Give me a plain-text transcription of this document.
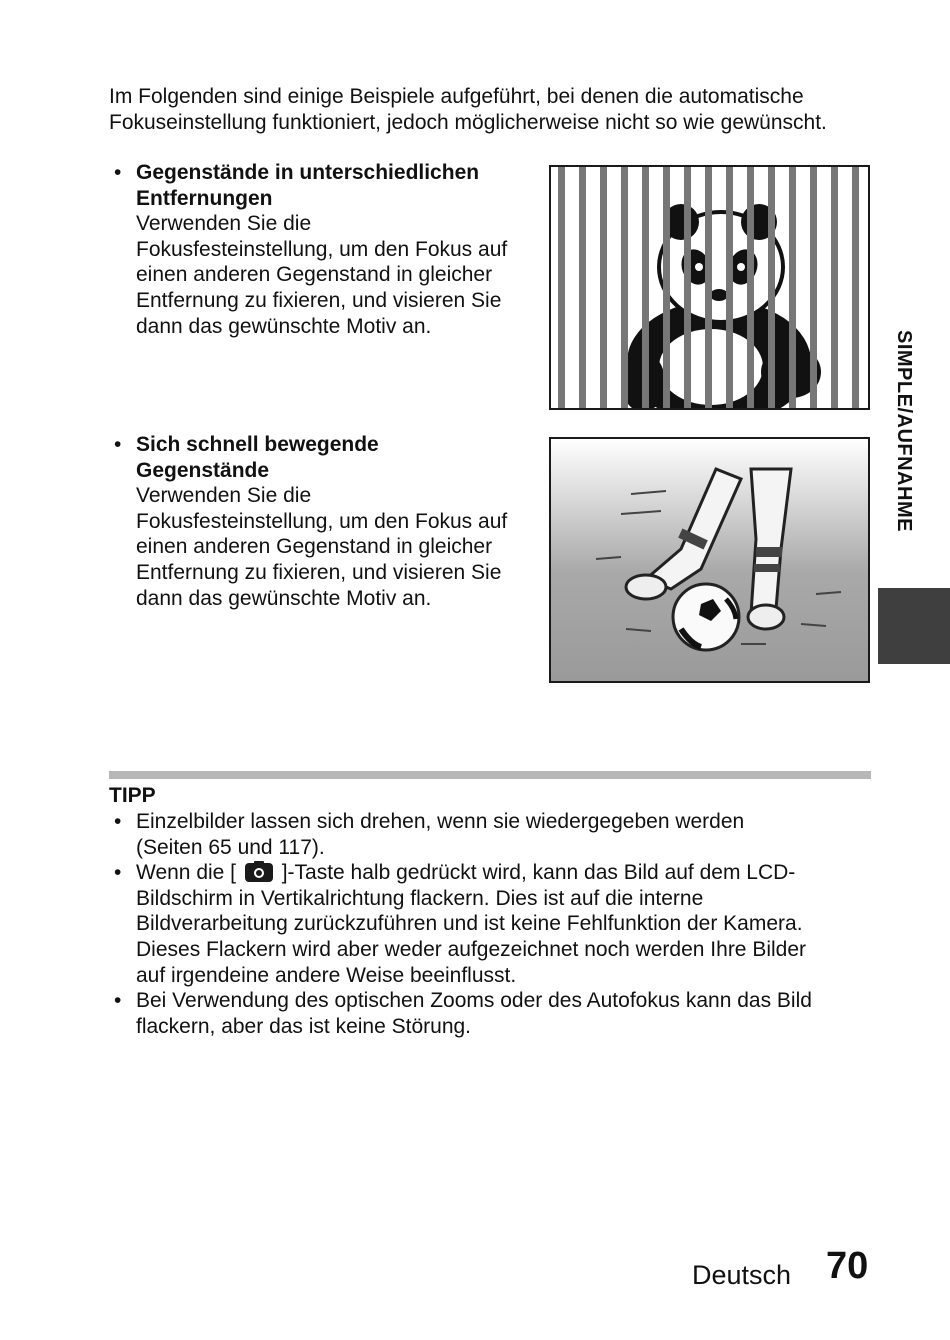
Im Folgenden sind einige Beispiele aufgeführt, bei denen die automatische
Fokuseinstellung funktioniert, jedoch möglicherweise nicht so wie gewünscht.
• Gegenstände in unterschiedlichen
Entfernungen
Verwenden Sie die
Fokusfesteinstellung, um den Fokus auf
einen anderen Gegenstand in gleicher
Entfernung zu fixieren, und visieren Sie
dann das gewünschte Motiv an.
• Sich schnell bewegende
Gegenstände
Verwenden Sie die
Fokusfesteinstellung, um den Fokus auf
einen anderen Gegenstand in gleicher
Entfernung zu fixieren, und visieren Sie
dann das gewünschte Motiv an.
SIMPLE/AUFNAHME
TIPP
• Einzelbilder lassen sich drehen, wenn sie wiedergegeben werden
(Seiten 65 und 117).
• Wenn die [ ]-Taste halb gedrückt wird, kann das Bild auf dem LCD-
Bildschirm in Vertikalrichtung flackern. Dies ist auf die interne
Bildverarbeitung zurückzuführen und ist keine Fehlfunktion der Kamera.
Dieses Flackern wird aber weder aufgezeichnet noch werden Ihre Bilder
auf irgendeine andere Weise beeinflusst.
• Bei Verwendung des optischen Zooms oder des Autofokus kann das Bild
flackern, aber das ist keine Störung.
Deutsch 70
